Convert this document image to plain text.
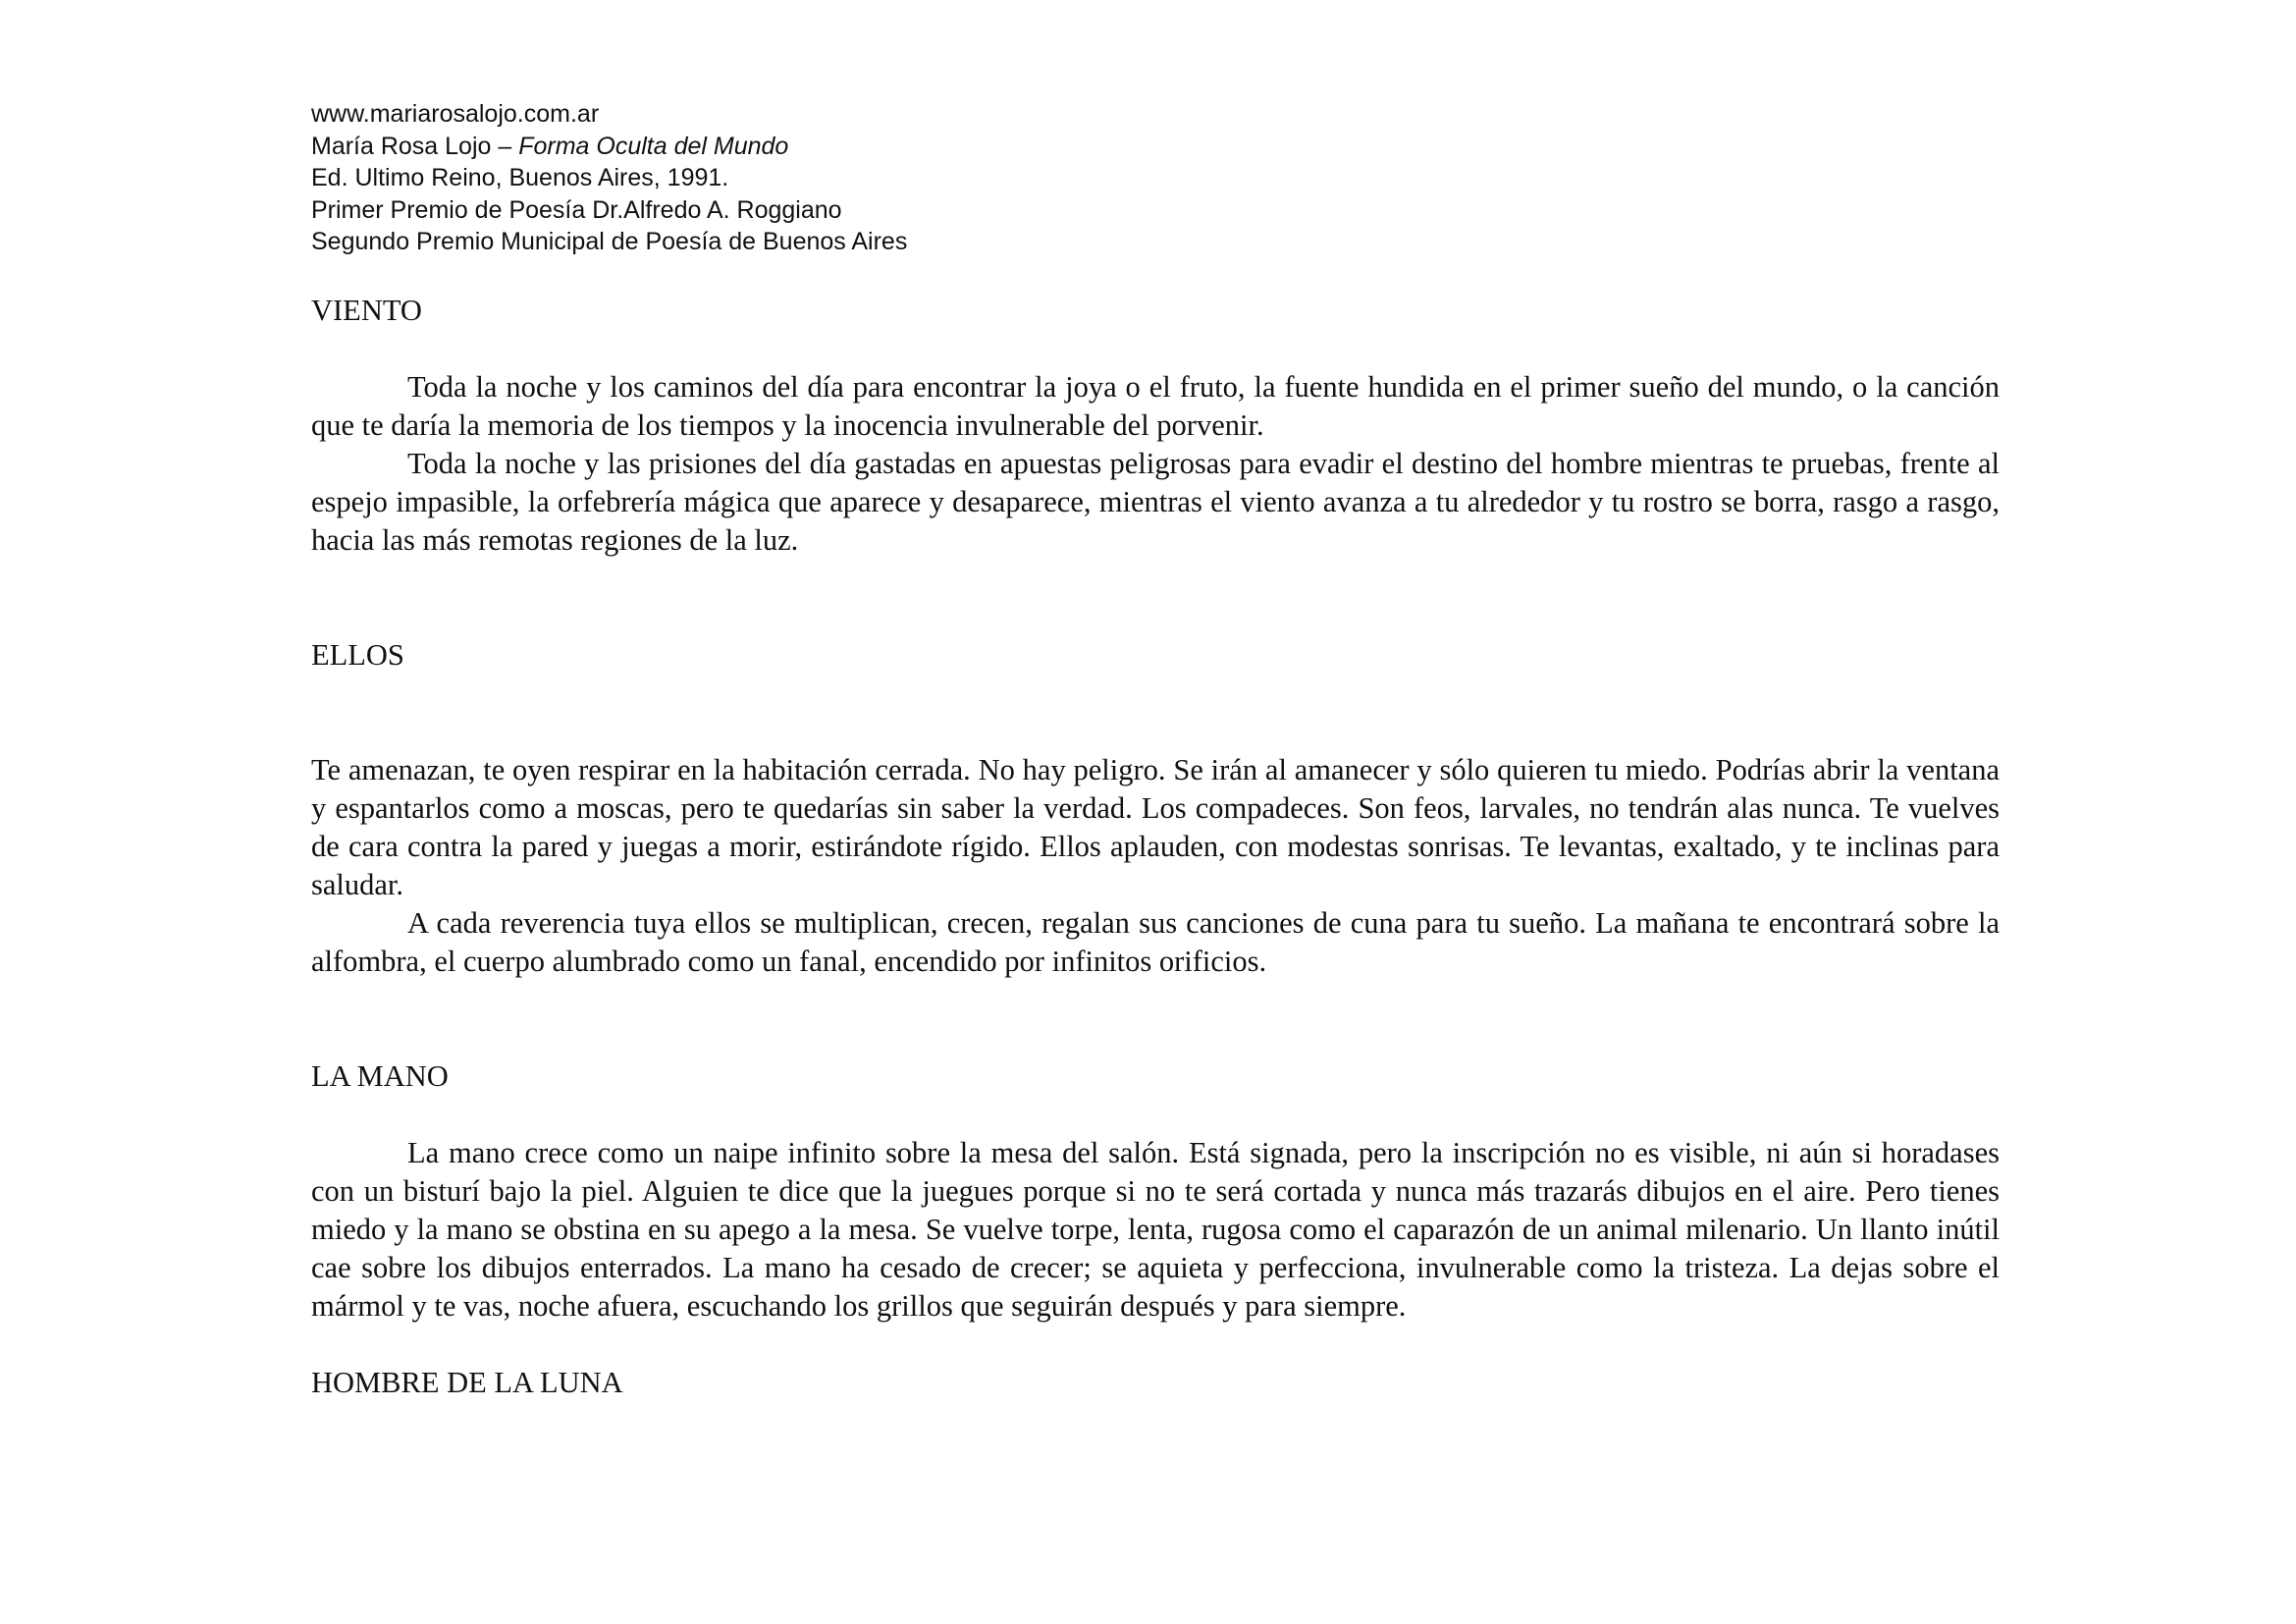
www.mariarosalojo.com.ar
María Rosa Lojo – Forma Oculta del Mundo
Ed. Ultimo Reino, Buenos Aires, 1991.
Primer Premio de Poesía Dr.Alfredo A. Roggiano
Segundo Premio Municipal de Poesía de Buenos Aires
VIENTO

Toda la noche y los caminos del día para encontrar la joya o el fruto, la fuente hundida en el primer sueño del mundo, o la canción que te daría la memoria de los tiempos y la inocencia invulnerable del porvenir.

Toda la noche y las prisiones del día gastadas en apuestas peligrosas para evadir el destino del hombre mientras te pruebas, frente al espejo impasible, la orfebrería mágica que aparece y desaparece, mientras el viento avanza a tu alrededor y tu rostro se borra, rasgo a rasgo, hacia las más remotas regiones de la luz.

ELLOS

Te amenazan, te oyen respirar en la habitación cerrada. No hay peligro. Se irán al amanecer y sólo quieren tu miedo. Podrías abrir la ventana y espantarlos como a moscas, pero te quedarías sin saber la verdad. Los compadeces. Son feos, larvales, no tendrán alas nunca. Te vuelves de cara contra la pared y juegas a morir, estirándote rígido. Ellos aplauden, con modestas sonrisas. Te levantas, exaltado, y te inclinas para saludar.

A cada reverencia tuya ellos se multiplican, crecen, regalan sus canciones de cuna para tu sueño. La mañana te encontrará sobre la alfombra, el cuerpo alumbrado como un fanal, encendido por infinitos orificios.

LA MANO

La mano crece como un naipe infinito sobre la mesa del salón. Está signada, pero la inscripción no es visible, ni aún si horadases con un bisturí bajo la piel. Alguien te dice que la juegues porque si no te será cortada y nunca más trazarás dibujos en el aire. Pero tienes miedo y la mano se obstina en su apego a la mesa. Se vuelve torpe, lenta, rugosa como el caparazón de un animal milenario. Un llanto inútil cae sobre los dibujos enterrados. La mano ha cesado de crecer; se aquieta y perfecciona, invulnerable como la tristeza. La dejas sobre el mármol y te vas, noche afuera, escuchando los grillos que seguirán después y para siempre.

HOMBRE DE LA LUNA
